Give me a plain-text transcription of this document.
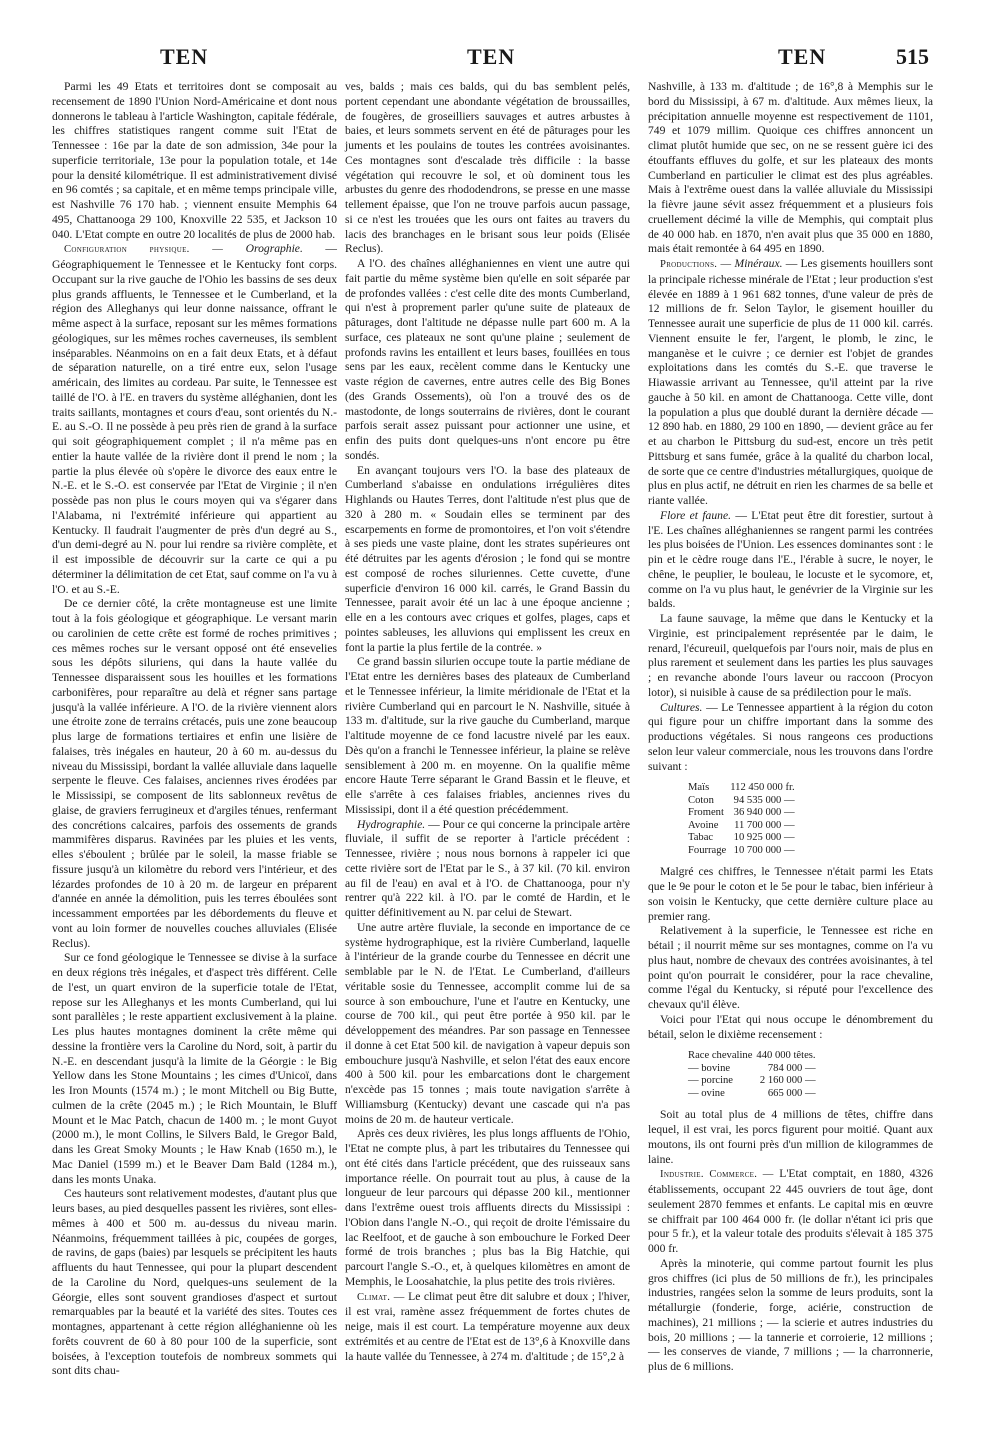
TEN	TEN	TEN	515

Parmi les 49 Etats et territoires dont se composait au recensement de 1890 l'Union Nord-Américaine et dont nous donnerons le tableau à l'article Washington, capitale fédérale, les chiffres statistiques rangent comme suit l'Etat de Tennessee : 16e par la date de son admission, 34e pour la superficie territoriale, 13e pour la population totale, et 14e pour la densité kilométrique. Il est administrativement divisé en 96 comtés ; sa capitale, et en même temps principale ville, est Nashville 76 170 hab. ; viennent ensuite Memphis 64 495, Chattanooga 29 100, Knoxville 22 535, et Jackson 10 040. L'Etat compte en outre 20 localités de plus de 2000 hab.

Configuration physique. — Orographie. — Géographiquement le Tennessee et le Kentucky font corps. Occupant sur la rive gauche de l'Ohio les bassins de ses deux plus grands affluents, le Tennessee et le Cumberland, et la région des Alleghanys qui leur donne naissance, offrant le même aspect à la surface, reposant sur les mêmes formations géologiques, sur les mêmes roches caverneuses, ils semblent inséparables. Néanmoins on en a fait deux Etats, et à défaut de séparation naturelle, on a tiré entre eux, selon l'usage américain, des limites au cordeau. Par suite, le Tennessee est taillé de l'O. à l'E. en travers du système alléghanien, dont les traits saillants, montagnes et cours d'eau, sont orientés du N.-E. au S.-O. Il ne possède à peu près rien de grand à la surface qui soit géographiquement complet ; il n'a même pas en entier la haute vallée de la rivière dont il prend le nom ; la partie la plus élevée où s'opère le divorce des eaux entre le N.-E. et le S.-O. est conservée par l'Etat de Virginie ; il n'en possède pas non plus le cours moyen qui va s'égarer dans l'Alabama, ni l'extrémité inférieure qui appartient au Kentucky. Il faudrait l'augmenter de près d'un degré au S., d'un demi-degré au N. pour lui rendre sa rivière complète, et il est impossible de découvrir sur la carte ce qui a pu déterminer la délimitation de cet Etat, sauf comme on l'a vu à l'O. et au S.-E.

De ce dernier côté, la crête montagneuse est une limite tout à la fois géologique et géographique. Le versant marin ou carolinien de cette crête est formé de roches primitives ; ces mêmes roches sur le versant opposé ont été ensevelies sous les dépôts siluriens, qui dans la haute vallée du Tennessee disparaissent sous les houilles et les formations carbonifères, pour reparaître au delà et régner sans partage jusqu'à la vallée inférieure. A l'O. de la rivière viennent alors une étroite zone de terrains crétacés, puis une zone beaucoup plus large de formations tertiaires et enfin une lisière de falaises, très inégales en hauteur, 20 à 60 m. au-dessus du niveau du Mississipi, bordant la vallée alluviale dans laquelle serpente le fleuve. Ces falaises, anciennes rives érodées par le Mississipi, se composent de lits sablonneux revêtus de glaise, de graviers ferrugineux et d'argiles ténues, renfermant des concrétions calcaires, parfois des ossements de grands mammifères disparus. Ravinées par les pluies et les vents, elles s'éboulent ; brûlée par le soleil, la masse friable se fissure jusqu'à un kilomètre du rebord vers l'intérieur, et des lézardes profondes de 10 à 20 m. de largeur en préparent d'année en année la démolition, puis les terres éboulées sont incessamment emportées par les débordements du fleuve et vont au loin former de nouvelles couches alluviales (Elisée Reclus).

Sur ce fond géologique le Tennessee se divise à la surface en deux régions très inégales, et d'aspect très différent. Celle de l'est, un quart environ de la superficie totale de l'Etat, repose sur les Alleghanys et les monts Cumberland, qui lui sont parallèles ; le reste appartient exclusivement à la plaine. Les plus hautes montagnes dominent la crête même qui dessine la frontière vers la Caroline du Nord, soit, à partir du N.-E. en descendant jusqu'à la limite de la Géorgie : le Big Yellow dans les Stone Mountains ; les cimes d'Unicoï, dans les Iron Mounts (1574 m.) ; le mont Mitchell ou Big Butte, culmen de la crête (2045 m.) ; le Rich Mountain, le Bluff Mount et le Mac Patch, chacun de 1400 m. ; le mont Guyot (2000 m.), le mont Collins, le Silvers Bald, le Gregor Bald, dans les Great Smoky Mounts ; le Haw Knab (1650 m.), le Mac Daniel (1599 m.) et le Beaver Dam Bald (1284 m.), dans les monts Unaka.

Ces hauteurs sont relativement modestes, d'autant plus que leurs bases, au pied desquelles passent les rivières, sont elles-mêmes à 400 et 500 m. au-dessus du niveau marin. Néanmoins, fréquemment taillées à pic, coupées de gorges, de ravins, de gaps (baies) par lesquels se précipitent les hauts affluents du haut Tennessee, qui pour la plupart descendent de la Caroline du Nord, quelques-uns seulement de la Géorgie, elles sont souvent grandioses d'aspect et surtout remarquables par la beauté et la variété des sites. Toutes ces montagnes, appartenant à cette région alléghanienne où les forêts couvrent de 60 à 80 pour 100 de la superficie, sont boisées, à l'exception toutefois de nombreux sommets qui sont dits chau-

ves, balds ; mais ces balds, qui du bas semblent pelés, portent cependant une abondante végétation de broussailles, de fougères, de groseilliers sauvages et autres arbustes à baies, et leurs sommets servent en été de pâturages pour les juments et les poulains de toutes les contrées avoisinantes. Ces montagnes sont d'escalade très difficile : la basse végétation qui recouvre le sol, et où dominent tous les arbustes du genre des rhododendrons, se presse en une masse tellement épaisse, que l'on ne trouve parfois aucun passage, si ce n'est les trouées que les ours ont faites au travers du lacis des branchages en le brisant sous leur poids (Elisée Reclus).

A l'O. des chaînes alléghaniennes en vient une autre qui fait partie du même système bien qu'elle en soit séparée par de profondes vallées : c'est celle dite des monts Cumberland, qui n'est à proprement parler qu'une suite de plateaux de pâturages, dont l'altitude ne dépasse nulle part 600 m. A la surface, ces plateaux ne sont qu'une plaine ; seulement de profonds ravins les entaillent et leurs bases, fouillées en tous sens par les eaux, recèlent comme dans le Kentucky une vaste région de cavernes, entre autres celle des Big Bones (des Grands Ossements), où l'on a trouvé des os de mastodonte, de longs souterrains de rivières, dont le courant parfois serait assez puissant pour actionner une usine, et enfin des puits dont quelques-uns n'ont encore pu être sondés.

En avançant toujours vers l'O. la base des plateaux de Cumberland s'abaisse en ondulations irrégulières dites Highlands ou Hautes Terres, dont l'altitude n'est plus que de 320 à 280 m. « Soudain elles se terminent par des escarpements en forme de promontoires, et l'on voit s'étendre à ses pieds une vaste plaine, dont les strates supérieures ont été détruites par les agents d'érosion ; le fond qui se montre est composé de roches siluriennes. Cette cuvette, d'une superficie d'environ 16 000 kil. carrés, le Grand Bassin du Tennessee, parait avoir été un lac à une époque ancienne ; elle en a les contours avec criques et golfes, plages, caps et pointes sableuses, les alluvions qui emplissent les creux en font la partie la plus fertile de la contrée. »

Ce grand bassin silurien occupe toute la partie médiane de l'Etat entre les dernières bases des plateaux de Cumberland et le Tennessee inférieur, la limite méridionale de l'Etat et la rivière Cumberland qui en parcourt le N. Nashville, située à 133 m. d'altitude, sur la rive gauche du Cumberland, marque l'altitude moyenne de ce fond lacustre nivelé par les eaux. Dès qu'on a franchi le Tennessee inférieur, la plaine se relève sensiblement à 200 m. en moyenne. On la qualifie même encore Haute Terre séparant le Grand Bassin et le fleuve, et elle s'arrête à ces falaises friables, anciennes rives du Mississipi, dont il a été question précédemment.

Hydrographie. — Pour ce qui concerne la principale artère fluviale, il suffit de se reporter à l'article précédent : Tennessee, rivière ; nous nous bornons à rappeler ici que cette rivière sort de l'Etat par le S., à 37 kil. (70 kil. environ au fil de l'eau) en aval et à l'O. de Chattanooga, pour n'y rentrer qu'à 222 kil. à l'O. par le comté de Hardin, et le quitter définitivement au N. par celui de Stewart.

Une autre artère fluviale, la seconde en importance de ce système hydrographique, est la rivière Cumberland, laquelle à l'intérieur de la grande courbe du Tennessee en décrit une semblable par le N. de l'Etat. Le Cumberland, d'ailleurs véritable sosie du Tennessee, accomplit comme lui de sa source à son embouchure, l'une et l'autre en Kentucky, une course de 700 kil., qui peut être portée à 950 kil. par le développement des méandres. Par son passage en Tennessee il donne à cet Etat 500 kil. de navigation à vapeur depuis son embouchure jusqu'à Nashville, et selon l'état des eaux encore 400 à 500 kil. pour les embarcations dont le chargement n'excède pas 15 tonnes ; mais toute navigation s'arrête à Williamsburg (Kentucky) devant une cascade qui n'a pas moins de 20 m. de hauteur verticale.

Après ces deux rivières, les plus longs affluents de l'Ohio, l'Etat ne compte plus, à part les tributaires du Tennessee qui ont été cités dans l'article précédent, que des ruisseaux sans importance réelle. On pourrait tout au plus, à cause de la longueur de leur parcours qui dépasse 200 kil., mentionner dans l'extrême ouest trois affluents directs du Mississipi : l'Obion dans l'angle N.-O., qui reçoit de droite l'émissaire du lac Reelfoot, et de gauche à son embouchure le Forked Deer formé de trois branches ; plus bas la Big Hatchie, qui parcourt l'angle S.-O., et, à quelques kilomètres en amont de Memphis, le Loosahatchie, la plus petite des trois rivières.

Climat. — Le climat peut être dit salubre et doux ; l'hiver, il est vrai, ramène assez fréquemment de fortes chutes de neige, mais il est court. La température moyenne aux deux extrémités et au centre de l'Etat est de 13°,6 à Knoxville dans la haute vallée du Tennessee, à 274 m. d'altitude ; de 15°,2 à

Nashville, à 133 m. d'altitude ; de 16°,8 à Memphis sur le bord du Mississipi, à 67 m. d'altitude. Aux mêmes lieux, la précipitation annuelle moyenne est respectivement de 1101, 749 et 1079 millim. Quoique ces chiffres annoncent un climat plutôt humide que sec, on ne se ressent guère ici des étouffants effluves du golfe, et sur les plateaux des monts Cumberland en particulier le climat est des plus agréables. Mais à l'extrême ouest dans la vallée alluviale du Mississipi la fièvre jaune sévit assez fréquemment et a plusieurs fois cruellement décimé la ville de Memphis, qui comptait plus de 40 000 hab. en 1870, n'en avait plus que 35 000 en 1880, mais était remontée à 64 495 en 1890.

Productions. — Minéraux. — Les gisements houillers sont la principale richesse minérale de l'Etat ; leur production s'est élevée en 1889 à 1 961 682 tonnes, d'une valeur de près de 12 millions de fr. Selon Taylor, le gisement houiller du Tennessee aurait une superficie de plus de 11 000 kil. carrés. Viennent ensuite le fer, l'argent, le plomb, le zinc, le manganèse et le cuivre ; ce dernier est l'objet de grandes exploitations dans les comtés du S.-E. que traverse le Hiawassie arrivant au Tennessee, qu'il atteint par la rive gauche à 50 kil. en amont de Chattanooga. Cette ville, dont la population a plus que doublé durant la dernière décade — 12 890 hab. en 1880, 29 100 en 1890, — devient grâce au fer et au charbon le Pittsburg du sud-est, encore un très petit Pittsburg et sans fumée, grâce à la qualité du charbon local, de sorte que ce centre d'industries métallurgiques, quoique de plus en plus actif, ne détruit en rien les charmes de sa belle et riante vallée.

Flore et faune. — L'Etat peut être dit forestier, surtout à l'E. Les chaînes alléghaniennes se rangent parmi les contrées les plus boisées de l'Union. Les essences dominantes sont : le pin et le cèdre rouge dans l'E., l'érable à sucre, le noyer, le chêne, le peuplier, le bouleau, le locuste et le sycomore, et, comme on l'a vu plus haut, le genévrier de la Virginie sur les balds.

La faune sauvage, la même que dans le Kentucky et la Virginie, est principalement représentée par le daim, le renard, l'écureuil, quelquefois par l'ours noir, mais de plus en plus rarement et seulement dans les parties les plus sauvages ; en revanche abonde l'ours laveur ou raccoon (Procyon lotor), si nuisible à cause de sa prédilection pour le maïs.

Cultures. — Le Tennessee appartient à la région du coton qui figure pour un chiffre important dans la somme des productions végétales. Si nous rangeons ces productions selon leur valeur commerciale, nous les trouvons dans l'ordre suivant :

Maïs	112 450 000 fr.
Coton	94 535 000 —
Froment	36 940 000 —
Avoine	11 700 000 —
Tabac	10 925 000 —
Fourrage	10 700 000 —

Malgré ces chiffres, le Tennessee n'était parmi les Etats que le 9e pour le coton et le 5e pour le tabac, bien inférieur à son voisin le Kentucky, que cette dernière culture place au premier rang.

Relativement à la superficie, le Tennessee est riche en bétail ; il nourrit même sur ses montagnes, comme on l'a vu plus haut, nombre de chevaux des contrées avoisinantes, à tel point qu'on pourrait le considérer, pour la race chevaline, comme l'égal du Kentucky, si réputé pour l'excellence des chevaux qu'il élève.

Voici pour l'Etat qui nous occupe le dénombrement du bétail, selon le dixième recensement :

Race chevaline	440 000 têtes.
— bovine	784 000 —
— porcine	2 160 000 —
— ovine	665 000 —

Soit au total plus de 4 millions de têtes, chiffre dans lequel, il est vrai, les porcs figurent pour moitié. Quant aux moutons, ils ont fourni près d'un million de kilogrammes de laine.

Industrie. Commerce. — L'Etat comptait, en 1880, 4326 établissements, occupant 22 445 ouvriers de tout âge, dont seulement 2870 femmes et enfants. Le capital mis en œuvre se chiffrait par 100 464 000 fr. (le dollar n'étant ici pris que pour 5 fr.), et la valeur totale des produits s'élevait à 185 375 000 fr.

Après la minoterie, qui comme partout fournit les plus gros chiffres (ici plus de 50 millions de fr.), les principales industries, rangées selon la somme de leurs produits, sont la métallurgie (fonderie, forge, aciérie, construction de machines), 21 millions ; — la scierie et autres industries du bois, 20 millions ; — la tannerie et corroierie, 12 millions ; — les conserves de viande, 7 millions ; — la charronnerie, plus de 6 millions.
